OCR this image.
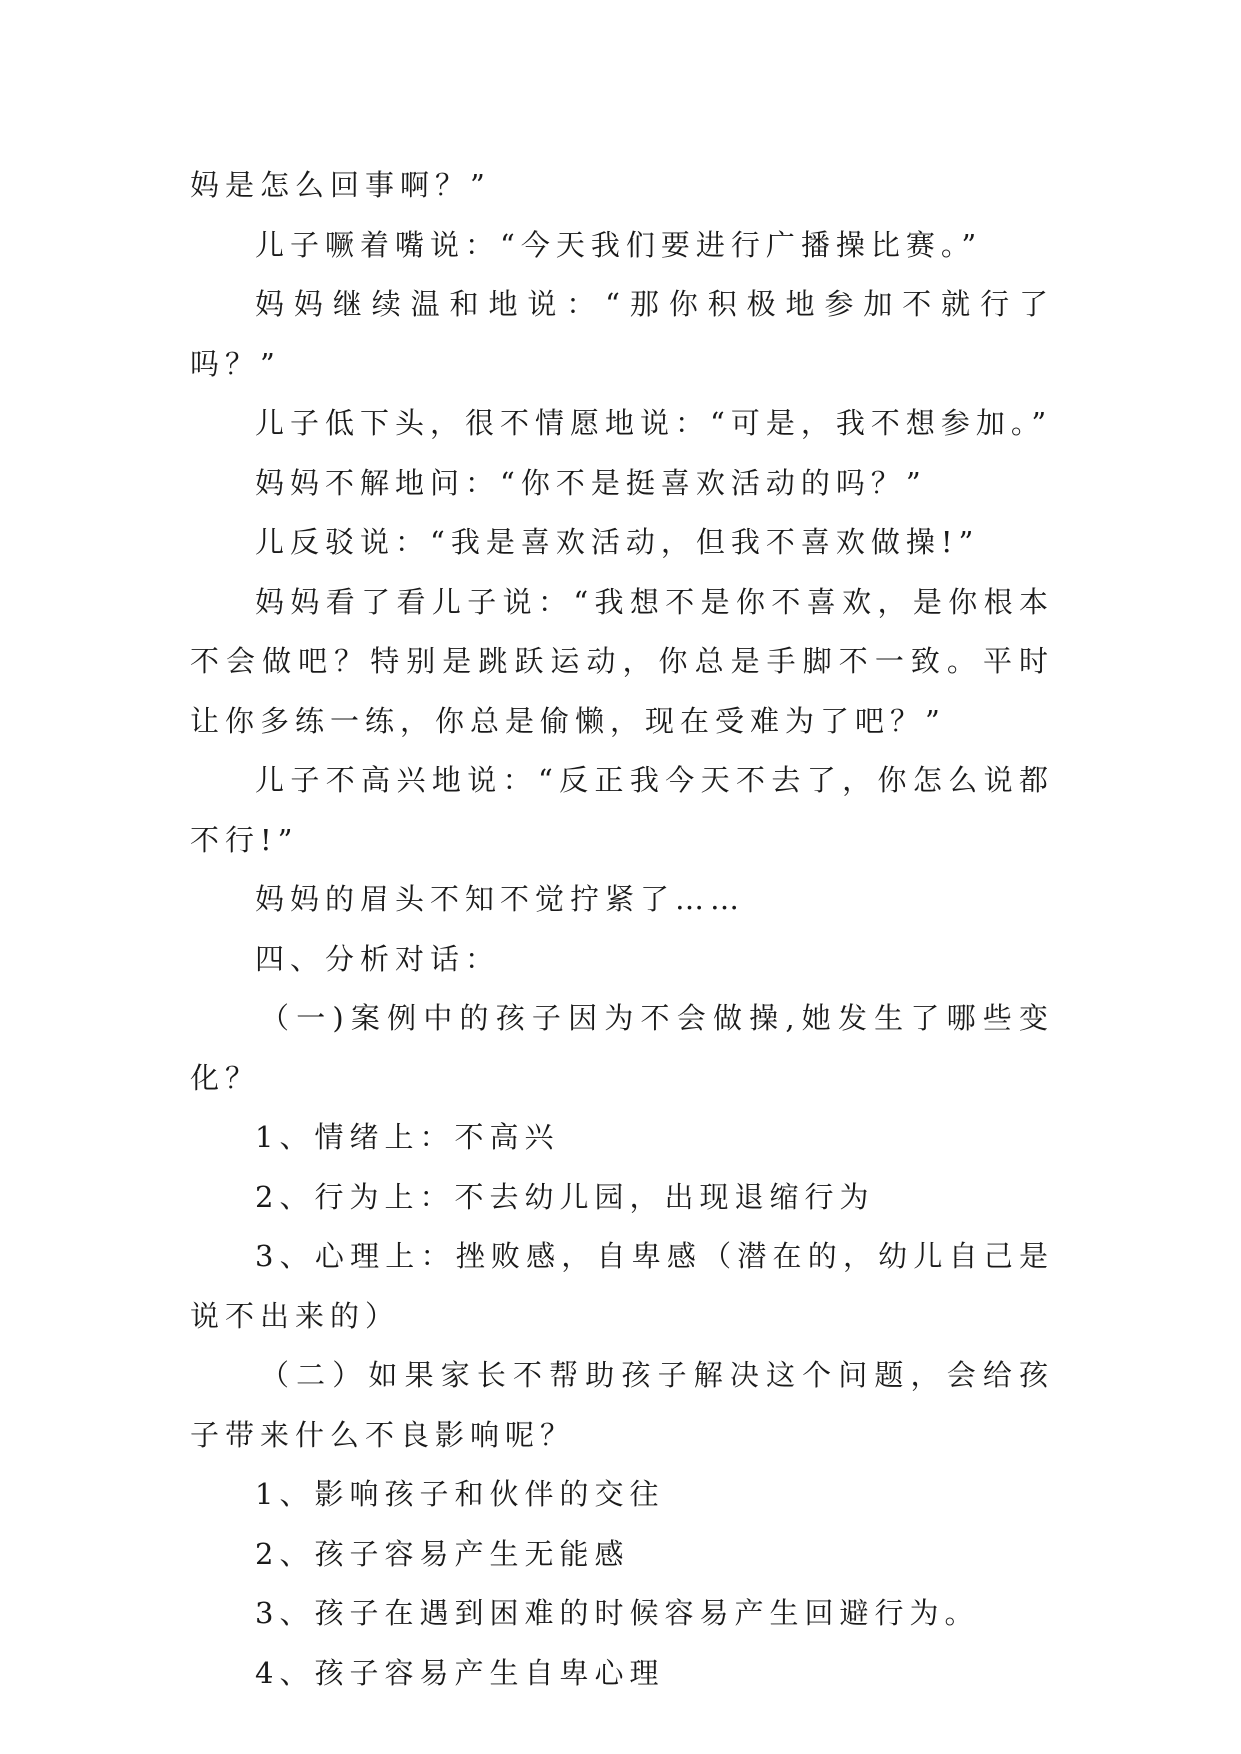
妈是怎么回事啊？”

儿子噘着嘴说：“今天我们要进行广播操比赛。”

妈妈继续温和地说：“那你积极地参加不就行了吗？”

儿子低下头，很不情愿地说：“可是，我不想参加。”

妈妈不解地问：“你不是挺喜欢活动的吗？”

儿反驳说：“我是喜欢活动，但我不喜欢做操!”

妈妈看了看儿子说：“我想不是你不喜欢，是你根本不会做吧？特别是跳跃运动，你总是手脚不一致。平时让你多练一练，你总是偷懒，现在受难为了吧？”

儿子不高兴地说：“反正我今天不去了，你怎么说都不行!”

妈妈的眉头不知不觉拧紧了……

四、分析对话：

（一)案例中的孩子因为不会做操,她发生了哪些变化？

1、情绪上：不高兴

2、行为上：不去幼儿园，出现退缩行为

3、心理上：挫败感，自卑感（潜在的，幼儿自己是说不出来的）

（二）如果家长不帮助孩子解决这个问题，会给孩子带来什么不良影响呢？

1、影响孩子和伙伴的交往

2、孩子容易产生无能感

3、孩子在遇到困难的时候容易产生回避行为。

4、孩子容易产生自卑心理
